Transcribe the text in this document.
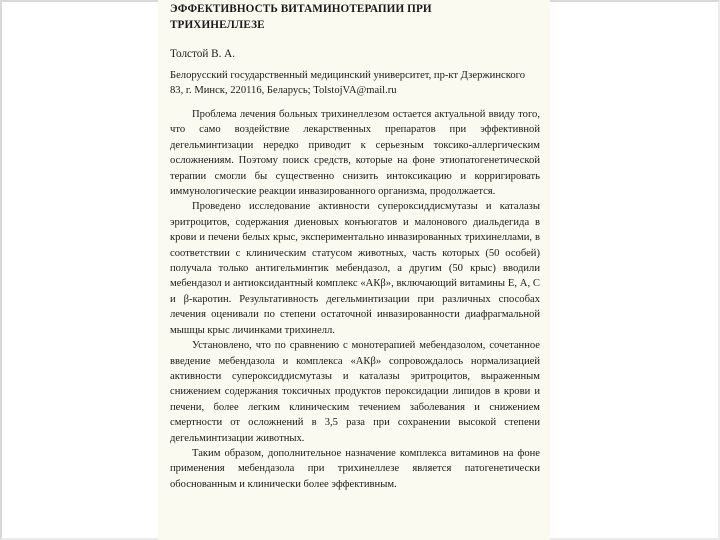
ЭФФЕКТИВНОСТЬ ВИТАМИНОТЕРАПИИ ПРИ
ТРИХИНЕЛЛЕЗЕ
Толстой В. А.
Белорусский государственный медицинский университет, пр-кт Дзержинского 83, г. Минск, 220116, Беларусь; TolstojVA@mail.ru

Проблема лечения больных трихинеллезом остается актуальной ввиду того, что само воздействие лекарственных препаратов при эффективной дегельминтизации нередко приводит к серьезным токсико-аллергическим осложнениям. Поэтому поиск средств, которые на фоне этиопатогенетической терапии смогли бы существенно снизить интоксикацию и корригировать иммунологические реакции инвазированного организма, продолжается.

Проведено исследование активности супероксиддисмутазы и каталазы эритроцитов, содержания диеновых конъюгатов и малонового диальдегида в крови и печени белых крыс, экспериментально инвазированных трихинеллами, в соответствии с клиническим статусом животных, часть которых (50 особей) получала только антигельминтик мебендазол, а другим (50 крыс) вводили мебендазол и антиоксидантный комплекс «АКβ», включающий витамины Е, А, С и β-каротин. Результативность дегельминтизации при различных способах лечения оценивали по степени остаточной инвазированности диафрагмальной мышцы крыс личинками трихинелл.

Установлено, что по сравнению с монотерапией мебендазолом, сочетанное введение мебендазола и комплекса «АКβ» сопровождалось нормализацией активности супероксиддисмутазы и каталазы эритроцитов, выраженным снижением содержания токсичных продуктов пероксидации липидов в крови и печени, более легким клиническим течением заболевания и снижением смертности от осложнений в 3,5 раза при сохранении высокой степени дегельминтизации животных.

Таким образом, дополнительное назначение комплекса витаминов на фоне применения мебендазола при трихинеллезе является патогенетически обоснованным и клинически более эффективным.
